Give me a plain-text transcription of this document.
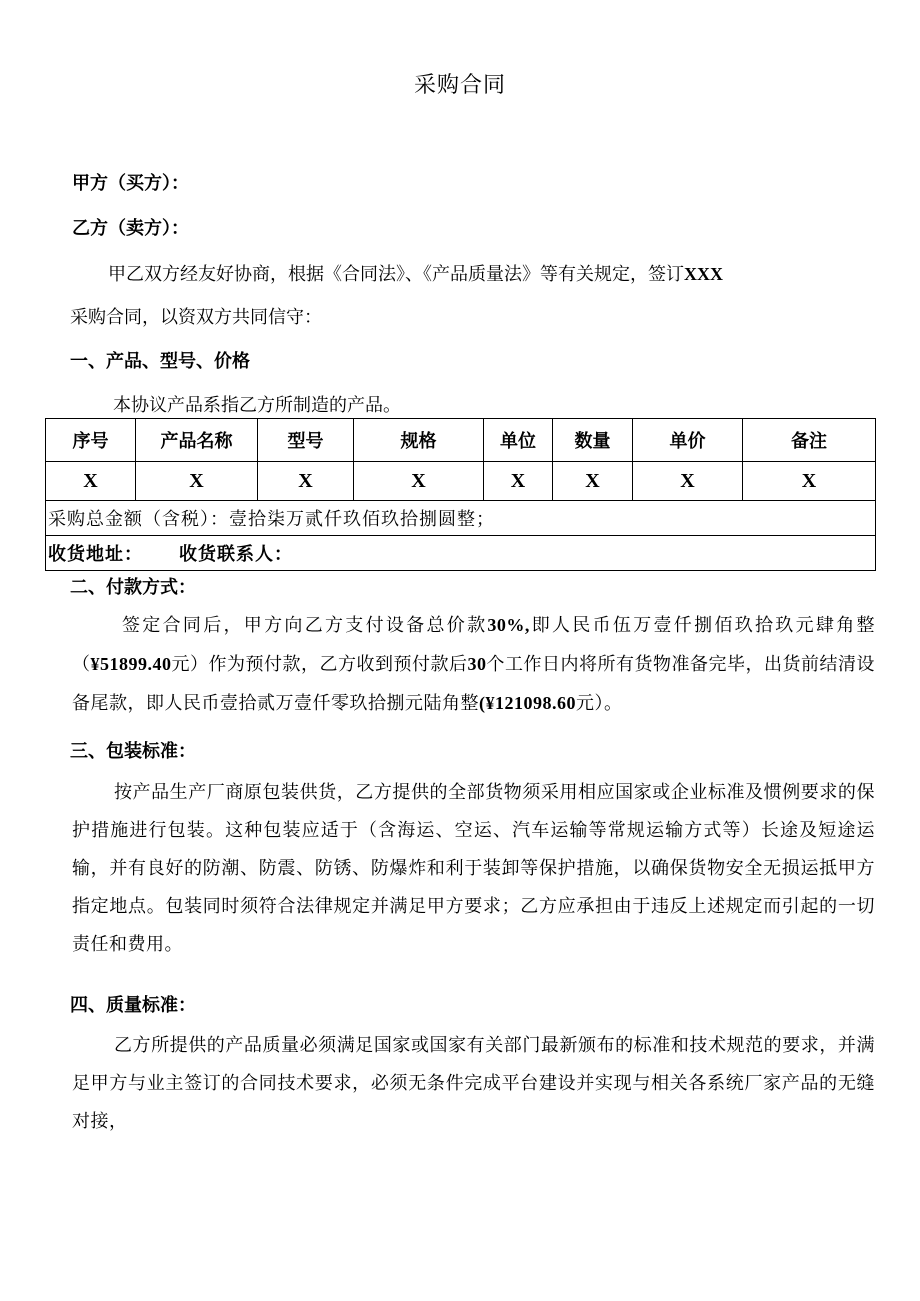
采购合同
甲方（买方）：
乙方（卖方）：
甲乙双方经友好协商，根据《合同法》、《产品质量法》等有关规定，签订XXX
采购合同，以资双方共同信守：
一、产品、型号、价格
本协议产品系指乙方所制造的产品。
序号	产品名称	型号	规格	单位	数量	单价	备注
X	X	X	X	X	X	X	X
采购总金额（含税）：壹拾柒万贰仟玖佰玖拾捌圆整；							
收货地址： 收货联系人：							
二、付款方式：
签定合同后，甲方向乙方支付设备总价款30%,即人民币伍万壹仟捌佰玖拾玖元肆角整（¥51899.40元）作为预付款，乙方收到预付款后30个工作日内将所有货物准备完毕，出货前结清设备尾款，即人民币壹拾贰万壹仟零玖拾捌元陆角整(¥121098.60元）。
三、包装标准：
按产品生产厂商原包装供货，乙方提供的全部货物须采用相应国家或企业标准及惯例要求的保护措施进行包装。这种包装应适于（含海运、空运、汽车运输等常规运输方式等）长途及短途运输，并有良好的防潮、防震、防锈、防爆炸和利于装卸等保护措施，以确保货物安全无损运抵甲方指定地点。包装同时须符合法律规定并满足甲方要求；乙方应承担由于违反上述规定而引起的一切责任和费用。
四、质量标准：
乙方所提供的产品质量必须满足国家或国家有关部门最新颁布的标准和技术规范的要求，并满足甲方与业主签订的合同技术要求，必须无条件完成平台建设并实现与相关各系统厂家产品的无缝对接，
